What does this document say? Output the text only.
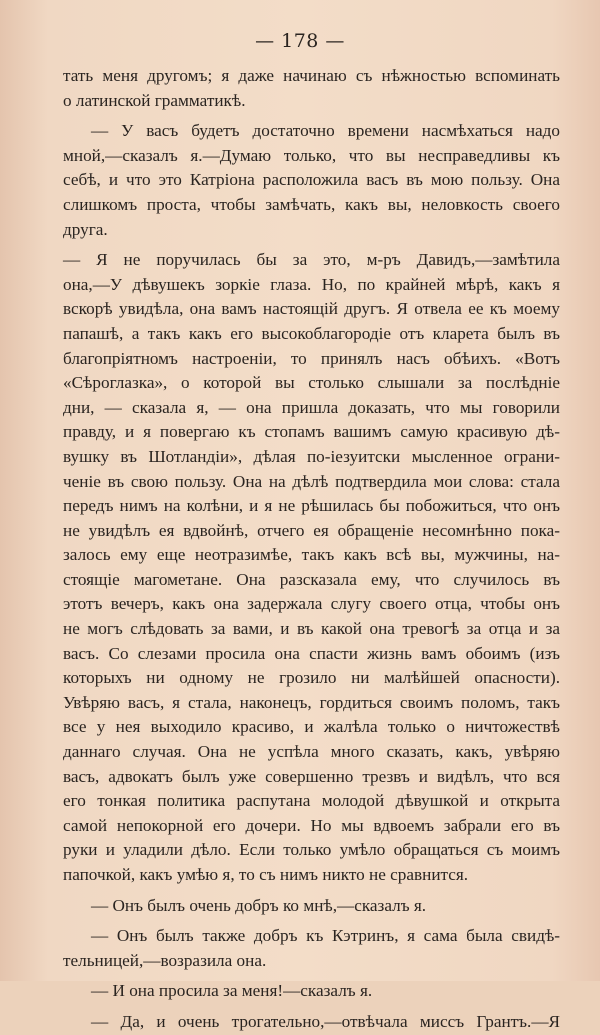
— 178 —
тать меня другомъ; я даже начинаю съ нѣжностью вспоминать
о латинской грамматикѣ.
— У васъ будетъ достаточно времени насмѣхаться надо
мной,—сказалъ я.—Думаю только, что вы несправедливы къ
себѣ, и что это Катріона расположила васъ въ мою пользу. Она
слишкомъ проста, чтобы замѣчать, какъ вы, неловкость своего
друга.
— Я не поручилась бы за это, м-ръ Давидъ,—замѣтила
она,—У дѣвушекъ зоркіе глаза. Но, по крайней мѣрѣ, какъ я
вскорѣ увидѣла, она вамъ настоящій другъ. Я отвела ее къ моему
папашѣ, а такъ какъ его высокоблагородіе отъ кларета былъ въ
благопріятномъ настроеніи, то принялъ насъ обѣихъ. «Вотъ
«Сѣроглазка», о которой вы столько слышали за послѣдніе
дни, — сказала я, — она пришла доказать, что мы говорили
правду, и я повергаю къ стопамъ вашимъ самую красивую дѣ-
вушку въ Шотландіи», дѣлая по-іезуитски мысленное ограни-
ченіе въ свою пользу. Она на дѣлѣ подтвердила мои слова: стала
передъ нимъ на колѣни, и я не рѣшилась бы побожиться, что онъ
не увидѣлъ ея вдвойнѣ, отчего ея обращеніе несомнѣнно пока-
залось ему еще неотразимѣе, такъ какъ всѣ вы, мужчины, на-
стоящіе магометане. Она разсказала ему, что случилось въ
этотъ вечеръ, какъ она задержала слугу своего отца, чтобы онъ
не могъ слѣдовать за вами, и въ какой она тревогѣ за отца и за
васъ. Со слезами просила она спасти жизнь вамъ обоимъ (изъ
которыхъ ни одному не грозило ни малѣйшей опасности).
Увѣряю васъ, я стала, наконецъ, гордиться своимъ поломъ, такъ
все у нея выходило красиво, и жалѣла только о ничтожествѣ
даннаго случая. Она не успѣла много сказать, какъ, увѣряю
васъ, адвокатъ былъ уже совершенно трезвъ и видѣлъ, что вся
его тонкая политика распутана молодой дѣвушкой и открыта
самой непокорной его дочери. Но мы вдвоемъ забрали его въ
руки и уладили дѣло. Если только умѣло обращаться съ моимъ
папочкой, какъ умѣю я, то съ нимъ никто не сравнится.
— Онъ былъ очень добръ ко мнѣ,—сказалъ я.
— Онъ былъ также добръ къ Кэтринъ, я сама была свидѣ-
тельницей,—возразила она.
— И она просила за меня!—сказалъ я.
— Да, и очень трогательно,—отвѣчала миссъ Грантъ.—Я
